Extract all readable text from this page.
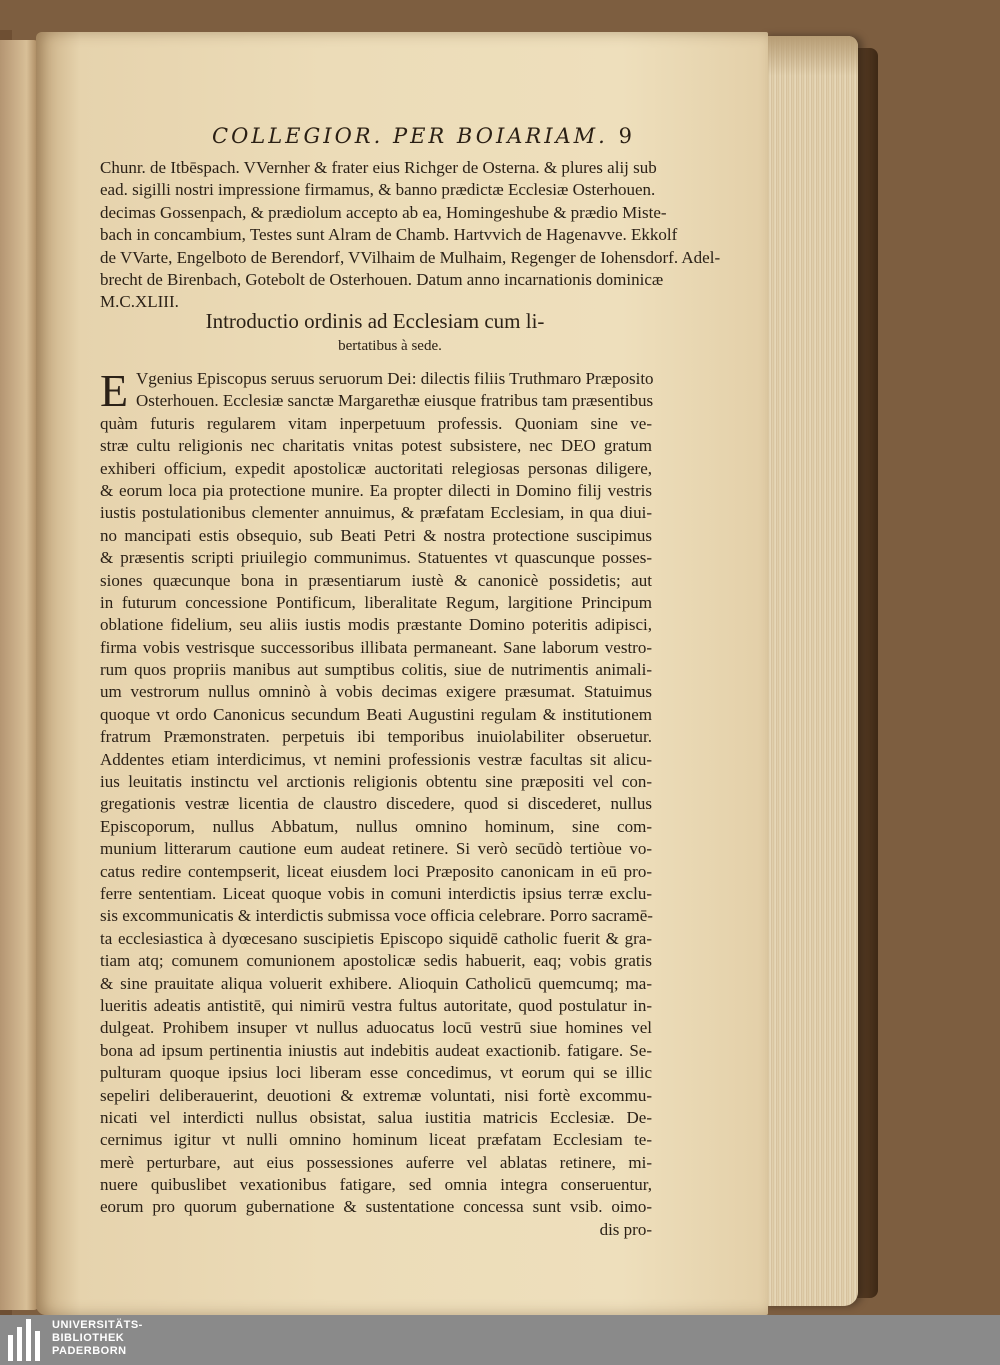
COLLEGIOR. PER BOIARIAM. 9
Chunr. de Itbēspach. VVernher & frater eius Richger de Osterna. & plures alij sub
ead. sigilli nostri impressione firmamus, & banno prædictæ Ecclesiæ Osterhouen.
decimas Gossenpach, & prædiolum accepto ab ea, Homingeshube & prædio Miste-
bach in concambium, Testes sunt Alram de Chamb. Hartvvich de Hagenavve. Ekkolf
de VVarte, Engelboto de Berendorf, VVilhaim de Mulhaim, Regenger de Iohensdorf. Adel-
brecht de Birenbach, Gotebolt de Osterhouen. Datum anno incarnationis dominicæ
M.C.XLIII.
Introductio ordinis ad Ecclesiam cum li-
bertatibus à sede.
E Vgenius Episcopus seruus seruorum Dei: dilectis filiis Truthmaro Præposito
Osterhouen. Ecclesiæ sanctæ Margarethæ eiusque fratribus tam præsentibus
quàm futuris regularem vitam inperpetuum professis. Quoniam sine ve-
stræ cultu religionis nec charitatis vnitas potest subsistere, nec DEO gratum
exhiberi officium, expedit apostolicæ auctoritati relegiosas personas diligere,
& eorum loca pia protectione munire. Ea propter dilecti in Domino filij vestris
iustis postulationibus clementer annuimus, & præfatam Ecclesiam, in qua diui-
no mancipati estis obsequio, sub Beati Petri & nostra protectione suscipimus
& præsentis scripti priuilegio communimus. Statuentes vt quascunque posses-
siones quæcunque bona in præsentiarum iustè & canonicè possidetis; aut
in futurum concessione Pontificum, liberalitate Regum, largitione Principum
oblatione fidelium, seu aliis iustis modis præstante Domino poteritis adipisci,
firma vobis vestrisque successoribus illibata permaneant. Sane laborum vestro-
rum quos propriis manibus aut sumptibus colitis, siue de nutrimentis animali-
um vestrorum nullus omninò à vobis decimas exigere præsumat. Statuimus
quoque vt ordo Canonicus secundum Beati Augustini regulam & institutionem
fratrum Præmonstraten. perpetuis ibi temporibus inuiolabiliter obseruetur.
Addentes etiam interdicimus, vt nemini professionis vestræ facultas sit alicu-
ius leuitatis instinctu vel arctionis religionis obtentu sine præpositi vel con-
gregationis vestræ licentia de claustro discedere, quod si discederet, nullus
Episcoporum, nullus Abbatum, nullus omnino hominum, sine com-
munium litterarum cautione eum audeat retinere. Si verò secūdò tertiòue vo-
catus redire contempserit, liceat eiusdem loci Præposito canonicam in eū pro-
ferre sententiam. Liceat quoque vobis in comuni interdictis ipsius terræ exclu-
sis excommunicatis & interdictis submissa voce officia celebrare. Porro sacramē-
ta ecclesiastica à dyœcesano suscipietis Episcopo siquidē catholic fuerit & gra-
tiam atq; comunem comunionem apostolicæ sedis habuerit, eaq; vobis gratis
& sine prauitate aliqua voluerit exhibere. Alioquin Catholicū quemcumq; ma-
lueritis adeatis antistitē, qui nimirū vestra fultus autoritate, quod postulatur in-
dulgeat. Prohibem insuper vt nullus aduocatus locū vestrū siue homines vel
bona ad ipsum pertinentia iniustis aut indebitis audeat exactionib. fatigare. Se-
pulturam quoque ipsius loci liberam esse concedimus, vt eorum qui se illic
sepeliri deliberauerint, deuotioni & extremæ voluntati, nisi fortè excommu-
nicati vel interdicti nullus obsistat, salua iustitia matricis Ecclesiæ. De-
cernimus igitur vt nulli omnino hominum liceat præfatam Ecclesiam te-
merè perturbare, aut eius possessiones auferre vel ablatas retinere, mi-
nuere quibuslibet vexationibus fatigare, sed omnia integra conseruentur,
eorum pro quorum gubernatione & sustentatione concessa sunt vsib. oimo-
dis pro-
UNIVERSITÄTS-
BIBLIOTHEK
PADERBORN
